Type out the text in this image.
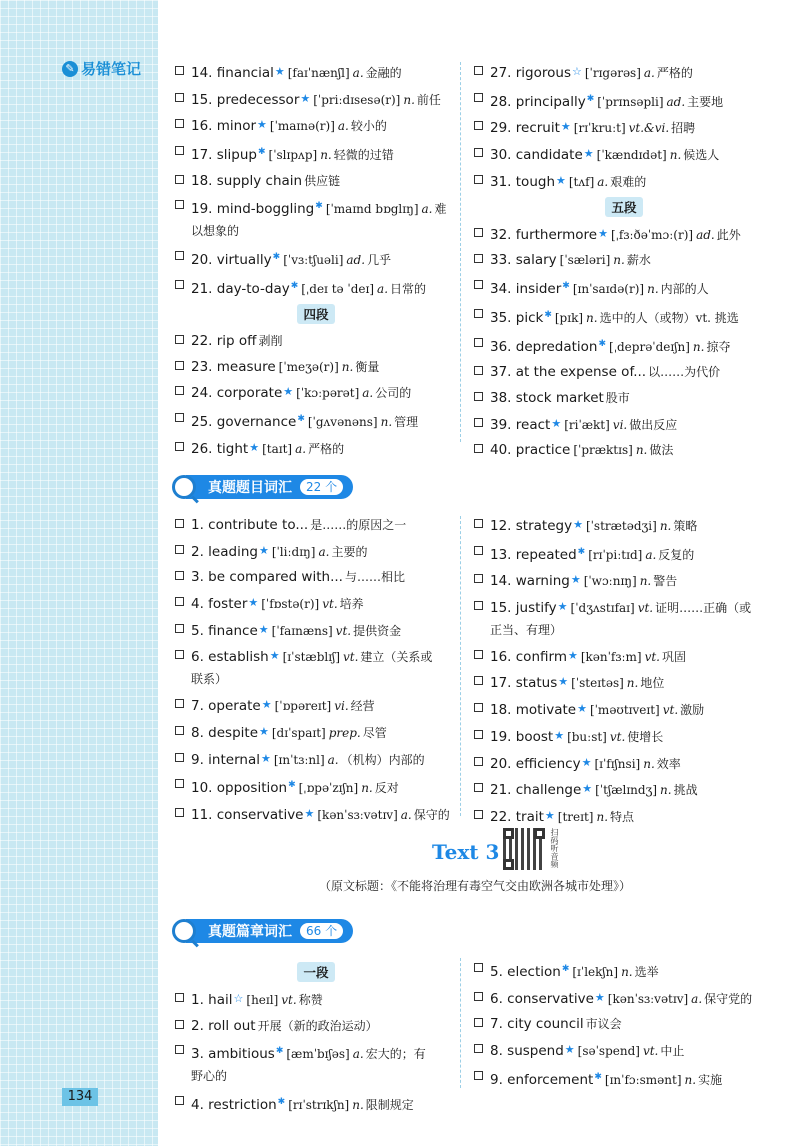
✎ 易错笔记
134
14. financial★ [faɪˈnænʃl] a. 金融的
15. predecessor★ [ˈpriːdɪsesə(r)] n. 前任
16. minor★ [ˈmaɪnə(r)] a. 较小的
17. slipup✱ [ˈslɪpʌp] n. 轻微的过错
18. supply chain 供应链
19. mind-boggling✱ [ˈmaɪnd bɒglɪŋ] a. 难
以想象的
20. virtually✱ [ˈvɜːtʃuəli] ad. 几乎
21. day-to-day✱ [ˌdeɪ tə ˈdeɪ] a. 日常的
四段
22. rip off 剥削
23. measure [ˈmeʒə(r)] n. 衡量
24. corporate★ [ˈkɔːpərət] a. 公司的
25. governance✱ [ˈgʌvənəns] n. 管理
26. tight★ [taɪt] a. 严格的
27. rigorous☆ [ˈrɪgərəs] a. 严格的
28. principally✱ [ˈprɪnsəpli] ad. 主要地
29. recruit★ [rɪˈkruːt] vt.&vi. 招聘
30. candidate★ [ˈkændɪdət] n. 候选人
31. tough★ [tʌf] a. 艰难的
五段
32. furthermore★ [ˌfɜːðəˈmɔː(r)] ad. 此外
33. salary [ˈsæləri] n. 薪水
34. insider✱ [ɪnˈsaɪdə(r)] n. 内部的人
35. pick✱ [pɪk] n. 选中的人（或物）vt. 挑选
36. depredation✱ [ˌdeprəˈdeɪʃn] n. 掠夺
37. at the expense of... 以……为代价
38. stock market 股市
39. react★ [riˈækt] vi. 做出反应
40. practice [ˈpræktɪs] n. 做法
真题题目词汇	22 个
1. contribute to... 是……的原因之一
2. leading★ [ˈliːdɪŋ] a. 主要的
3. be compared with... 与……相比
4. foster★ [ˈfɒstə(r)] vt. 培养
5. finance★ [ˈfaɪnæns] vt. 提供资金
6. establish★ [ɪˈstæblɪʃ] vt. 建立（关系或
联系）
7. operate★ [ˈɒpəreɪt] vi. 经营
8. despite★ [dɪˈspaɪt] prep. 尽管
9. internal★ [ɪnˈtɜːnl] a. （机构）内部的
10. opposition✱ [ˌɒpəˈzɪʃn] n. 反对
11. conservative★ [kənˈsɜːvətɪv] a. 保守的
12. strategy★ [ˈstrætədʒi] n. 策略
13. repeated✱ [rɪˈpiːtɪd] a. 反复的
14. warning★ [ˈwɔːnɪŋ] n. 警告
15. justify★ [ˈdʒʌstɪfaɪ] vt. 证明……正确（或
正当、有理）
16. confirm★ [kənˈfɜːm] vt. 巩固
17. status★ [ˈsteɪtəs] n. 地位
18. motivate★ [ˈməʊtɪveɪt] vt. 激励
19. boost★ [buːst] vt. 使增长
20. efficiency★ [ɪˈfɪʃnsi] n. 效率
21. challenge★ [ˈtʃælɪndʒ] n. 挑战
22. trait★ [treɪt] n. 特点
Text 3	扫码听音频
（原文标题：《不能将治理有毒空气交由欧洲各城市处理》）
真题篇章词汇	66 个
一段
1. hail☆ [heɪl] vt. 称赞
2. roll out 开展（新的政治运动）
3. ambitious✱ [æmˈbɪʃəs] a. 宏大的；有
野心的
4. restriction✱ [rɪˈstrɪkʃn] n. 限制规定
5. election✱ [ɪˈlekʃn] n. 选举
6. conservative★ [kənˈsɜːvətɪv] a. 保守党的
7. city council 市议会
8. suspend★ [səˈspend] vt. 中止
9. enforcement✱ [ɪnˈfɔːsmənt] n. 实施
